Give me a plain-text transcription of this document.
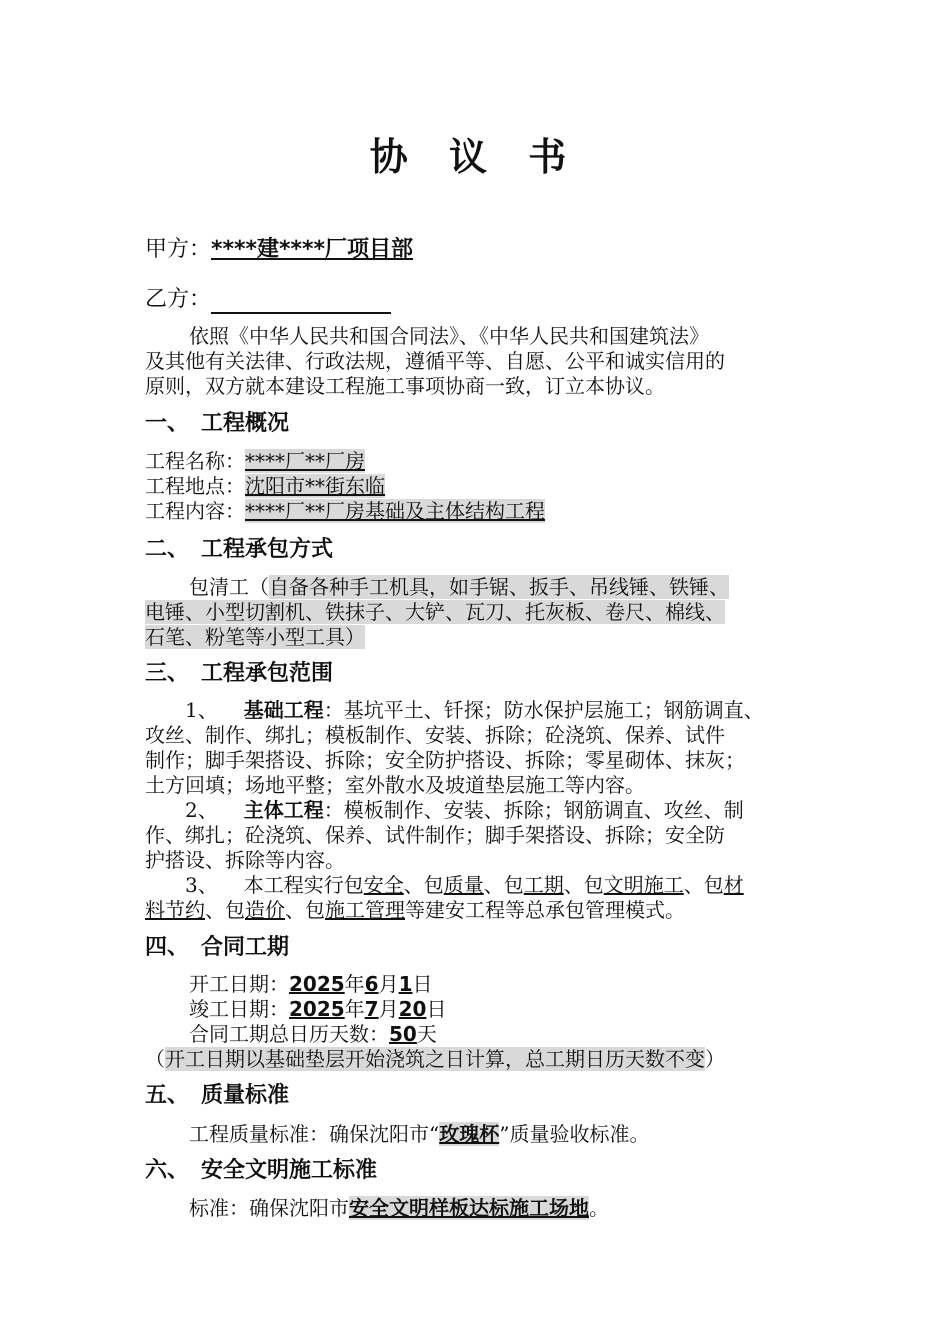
协 议 书
甲方：****建****厂项目部
乙方：
依照《中华人民共和国合同法》、《中华人民共和国建筑法》
及其他有关法律、行政法规，遵循平等、自愿、公平和诚实信用的
原则，双方就本建设工程施工事项协商一致，订立本协议。
一、 工程概况
工程名称：****厂**厂房
工程地点：沈阳市**街东临
工程内容：****厂**厂房基础及主体结构工程
二、 工程承包方式
包清工（自备各种手工机具，如手锯、扳手、吊线锤、铁锤、
电锤、小型切割机、铁抹子、大铲、瓦刀、托灰板、卷尺、棉线、
石笔、粉笔等小型工具）
三、 工程承包范围
1、 基础工程：基坑平土、钎探；防水保护层施工；钢筋调直、
攻丝、制作、绑扎；模板制作、安装、拆除；砼浇筑、保养、试件
制作；脚手架搭设、拆除；安全防护搭设、拆除；零星砌体、抹灰；
土方回填；场地平整；室外散水及坡道垫层施工等内容。
2、 主体工程：模板制作、安装、拆除；钢筋调直、攻丝、制
作、绑扎；砼浇筑、保养、试件制作；脚手架搭设、拆除；安全防
护搭设、拆除等内容。
3、 本工程实行包安全、包质量、包工期、包文明施工、包材
料节约、包造价、包施工管理等建安工程等总承包管理模式。
四、 合同工期
开工日期：2025年6月1日
竣工日期：2025年7月20日
合同工期总日历天数：50天
（开工日期以基础垫层开始浇筑之日计算，总工期日历天数不变）
五、 质量标准
工程质量标准：确保沈阳市“玫瑰杯”质量验收标准。
六、 安全文明施工标准
标准：确保沈阳市安全文明样板达标施工场地。
